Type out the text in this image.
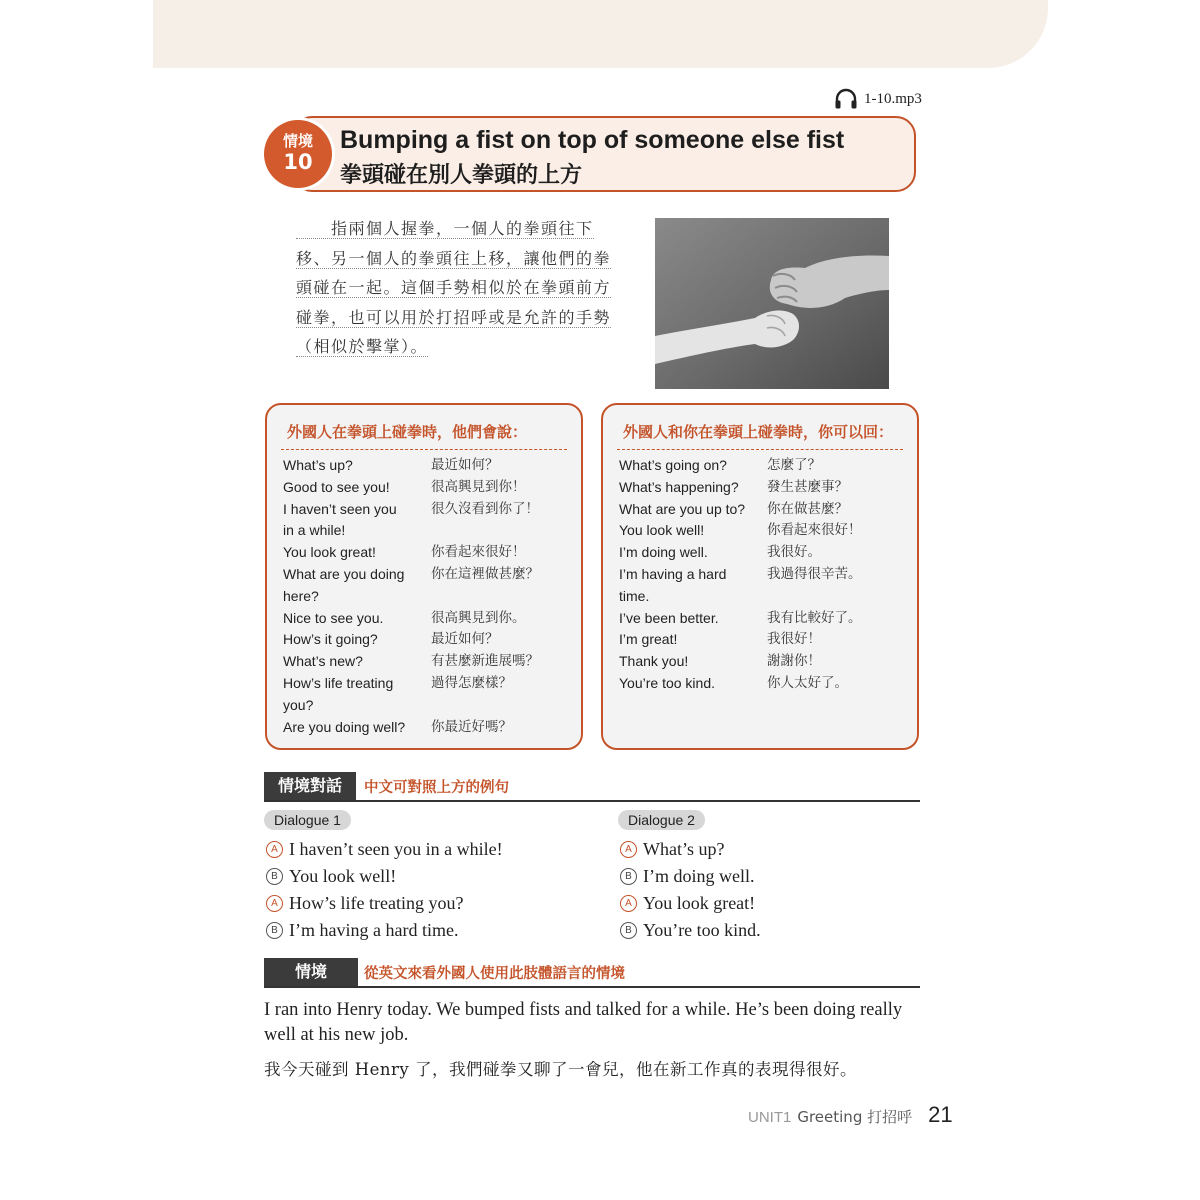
1-10.mp3
Bumping a fist on top of someone else fist
拳頭碰在別人拳頭的上方
情境
10
　　指兩個人握拳，一個人的拳頭往下
移、另一個人的拳頭往上移，讓他們的拳
頭碰在一起。這個手勢相似於在拳頭前方
碰拳，也可以用於打招呼或是允許的手勢
（相似於擊掌）。
外國人在拳頭上碰拳時，他們會說：
What’s up?	最近如何？
Good to see you!	很高興見到你！
I haven’t seen you	很久沒看到你了！
in a while!
You look great!	你看起來很好！
What are you doing	你在這裡做甚麼？
here?
Nice to see you.	很高興見到你。
How’s it going?	最近如何？
What’s new?	有甚麼新進展嗎？
How’s life treating	過得怎麼樣？
you?
Are you doing well?	你最近好嗎？
外國人和你在拳頭上碰拳時，你可以回：
What’s going on?	怎麼了？
What’s happening?	發生甚麼事？
What are you up to?	你在做甚麼？
You look well!	你看起來很好！
I’m doing well.	我很好。
I’m having a hard	我過得很辛苦。
time.
I’ve been better.	我有比較好了。
I’m great!	我很好！
Thank you!	謝謝你！
You’re too kind.	你人太好了。
情境對話	中文可對照上方的例句
Dialogue 1
A I haven’t seen you in a while!
B You look well!
A How’s life treating you?
B I’m having a hard time.
Dialogue 2
A What’s up?
B I’m doing well.
A You look great!
B You’re too kind.
情境	從英文來看外國人使用此肢體語言的情境
I ran into Henry today. We bumped fists and talked for a while. He’s been doing really well at his new job.
我今天碰到 Henry 了，我們碰拳又聊了一會兒，他在新工作真的表現得很好。
UNIT1 Greeting 打招呼 21
